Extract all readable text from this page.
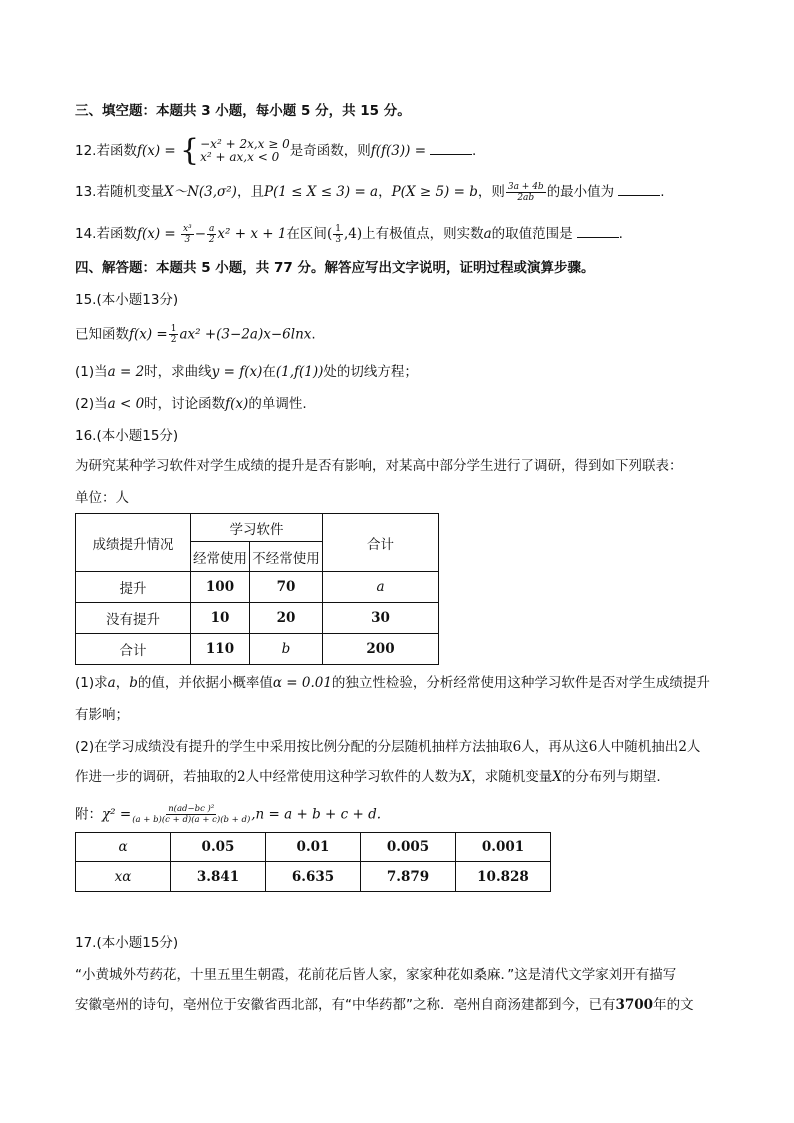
三、填空题：本题共 3 小题，每小题 5 分，共 15 分。
12.若函数f(x) = { −x² + 2x,x ≥ 0
x² + ax,x < 0 是奇函数，则f(f(3)) =	.
13.若随机变量X～N(3,σ²)，且P(1 ≤ X ≤ 3) = a，P(X ≥ 5) = b，则 $\frac{3a + 4b}{2ab}$ 的最小值为	.
14.若函数$f(x) = \frac{\text{x³}}{3} - \frac{a}{2} x^2 + x + 1$在区间( $\frac{1}{3} ,4$)上有极值点，则实数a的取值范围是	.
四、解答题：本题共 5 小题，共 77 分。解答应写出文字说明，证明过程或演算步骤。
15.(本小题13分)
已知函数$f(x) = \frac{1}{2} ax^2 +(3-2a)x-6\ln x$.
(1)当a = 2时，求曲线y = f(x)在(1,f(1))处的切线方程；
(2)当a < 0时，讨论函数f(x)的单调性.
16.(本小题15分)
为研究某种学习软件对学生成绩的提升是否有影响，对某高中部分学生进行了调研，得到如下列联表：
单位：人
成绩提升情况	学习软件		合计
	经常使用	不经常使用	
提升	100	70	a
没有提升	10	20	30
合计	110	b	200
(1)求a，b的值，并依据小概率值α = 0.01的独立性检验，分析经常使用这种学习软件是否对学生成绩提升
有影响；
(2)在学习成绩没有提升的学生中采用按比例分配的分层随机抽样方法抽取6人，再从这6人中随机抽出2人
作进一步的调研，若抽取的2人中经常使用这种学习软件的人数为X，求随机变量X的分布列与期望.
附：$\chi^2 = \frac{\text{n(ad−bc )²}}{(a + b)(c + d)(a + c)(b + d)} ,n = a + b + c + d$.
α	0.05	0.01	0.005	0.001
xα	3.841	6.635	7.879	10.828
17.(本小题15分)
“小黄城外芍药花，十里五里生朝霞，花前花后皆人家，家家种花如桑麻．”这是清代文学家刘开有描写
安徽亳州的诗句，亳州位于安徽省西北部，有“中华药都”之称．亳州自商汤建都到今，已有3700年的文
